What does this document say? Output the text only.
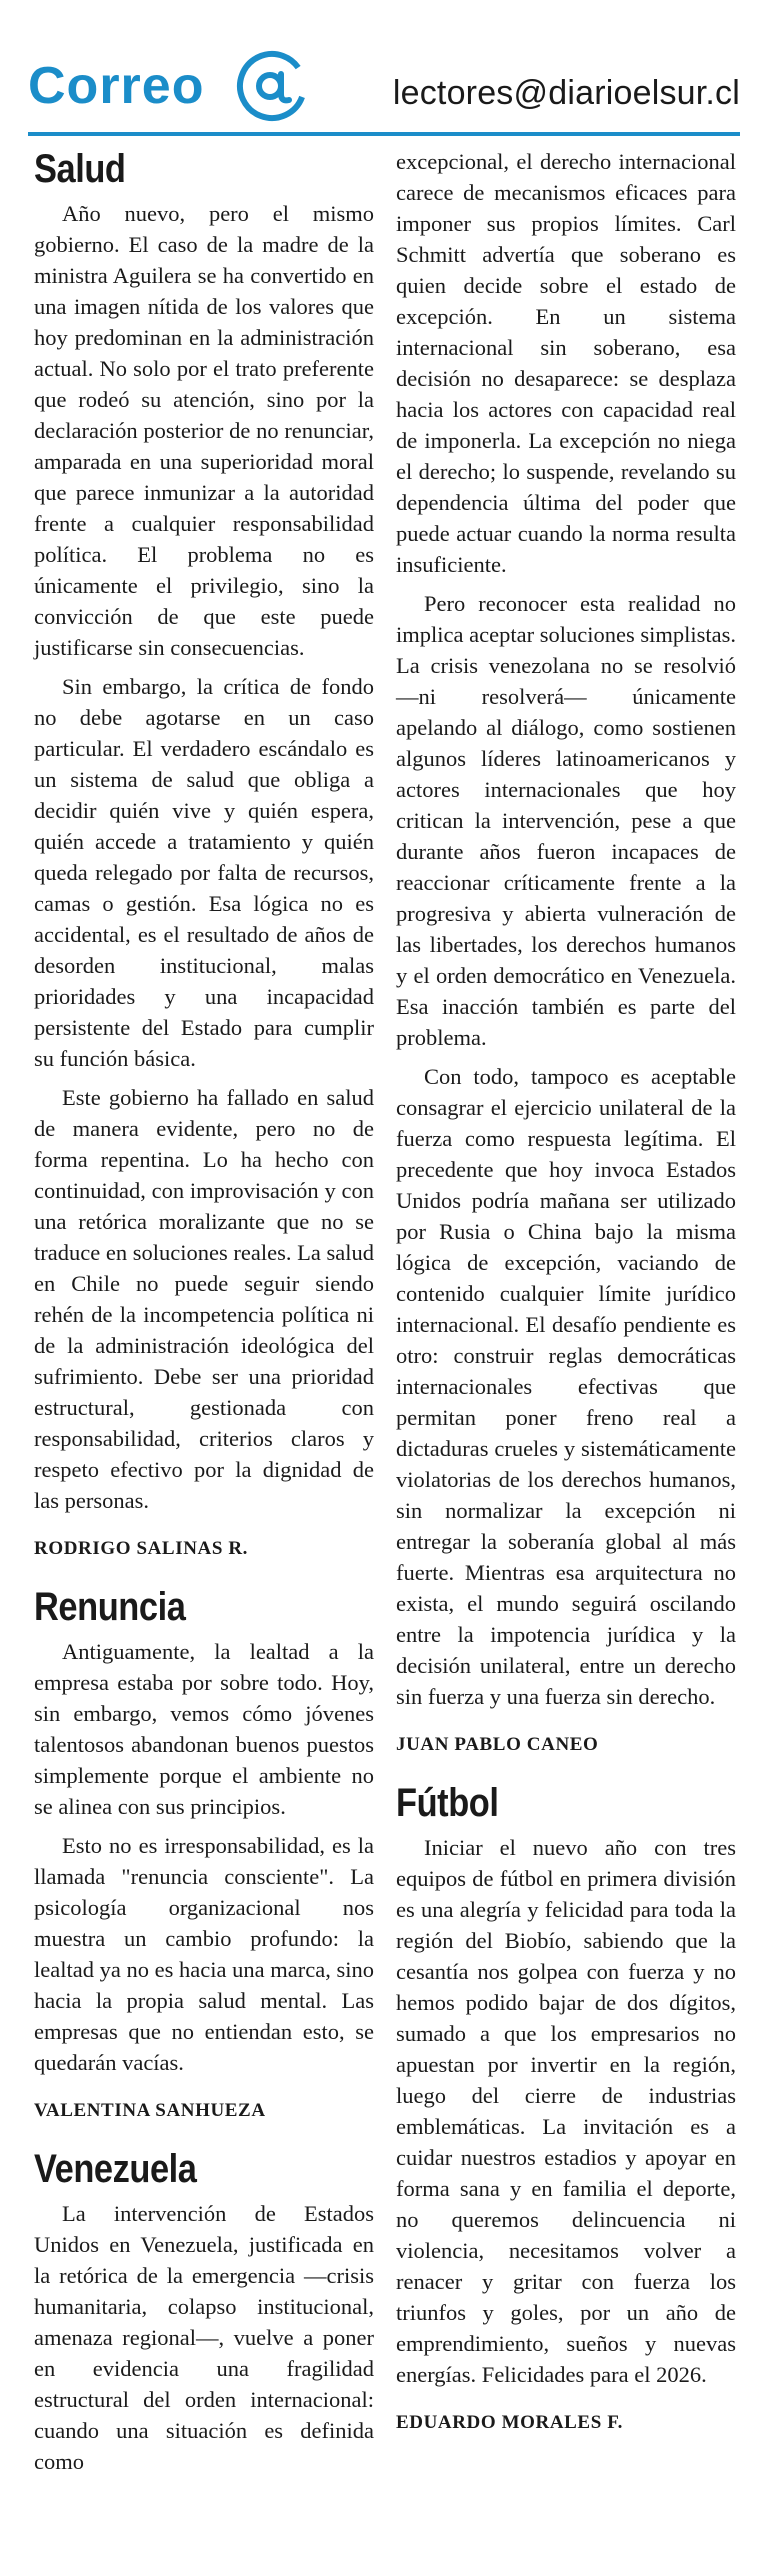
Correo	lectores@diarioelsur.cl
Salud

Año nuevo, pero el mismo gobierno. El caso de la madre de la ministra Aguilera se ha convertido en una imagen nítida de los valores que hoy predominan en la administración actual. No solo por el trato preferente que rodeó su atención, sino por la declaración posterior de no renunciar, amparada en una superioridad moral que parece inmunizar a la autoridad frente a cualquier responsabilidad política. El problema no es únicamente el privilegio, sino la convicción de que este puede justificarse sin consecuencias.

Sin embargo, la crítica de fondo no debe agotarse en un caso particular. El verdadero escándalo es un sistema de salud que obliga a decidir quién vive y quién espera, quién accede a tratamiento y quién queda relegado por falta de recursos, camas o gestión. Esa lógica no es accidental, es el resultado de años de desorden institucional, malas prioridades y una incapacidad persistente del Estado para cumplir su función básica.

Este gobierno ha fallado en salud de manera evidente, pero no de forma repentina. Lo ha hecho con continuidad, con improvisación y con una retórica moralizante que no se traduce en soluciones reales. La salud en Chile no puede seguir siendo rehén de la incompetencia política ni de la administración ideológica del sufrimiento. Debe ser una prioridad estructural, gestionada con responsabilidad, criterios claros y respeto efectivo por la dignidad de las personas.

RODRIGO SALINAS R.
Renuncia

Antiguamente, la lealtad a la empresa estaba por sobre todo. Hoy, sin embargo, vemos cómo jóvenes talentosos abandonan buenos puestos simplemente porque el ambiente no se alinea con sus principios.

Esto no es irresponsabilidad, es la llamada "renuncia consciente". La psicología organizacional nos muestra un cambio profundo: la lealtad ya no es hacia una marca, sino hacia la propia salud mental. Las empresas que no entiendan esto, se quedarán vacías.

VALENTINA SANHUEZA
Venezuela

La intervención de Estados Unidos en Venezuela, justificada en la retórica de la emergencia —crisis humanitaria, colapso institucional, amenaza regional—, vuelve a poner en evidencia una fragilidad estructural del orden internacional: cuando una situación es definida como

excepcional, el derecho internacional carece de mecanismos eficaces para imponer sus propios límites. Carl Schmitt advertía que soberano es quien decide sobre el estado de excepción. En un sistema internacional sin soberano, esa decisión no desaparece: se desplaza hacia los actores con capacidad real de imponerla. La excepción no niega el derecho; lo suspende, revelando su dependencia última del poder que puede actuar cuando la norma resulta insuficiente.

Pero reconocer esta realidad no implica aceptar soluciones simplistas. La crisis venezolana no se resolvió —ni resolverá— únicamente apelando al diálogo, como sostienen algunos líderes latinoamericanos y actores internacionales que hoy critican la intervención, pese a que durante años fueron incapaces de reaccionar críticamente frente a la progresiva y abierta vulneración de las libertades, los derechos humanos y el orden democrático en Venezuela. Esa inacción también es parte del problema.

Con todo, tampoco es aceptable consagrar el ejercicio unilateral de la fuerza como respuesta legítima. El precedente que hoy invoca Estados Unidos podría mañana ser utilizado por Rusia o China bajo la misma lógica de excepción, vaciando de contenido cualquier límite jurídico internacional. El desafío pendiente es otro: construir reglas democráticas internacionales efectivas que permitan poner freno real a dictaduras crueles y sistemáticamente violatorias de los derechos humanos, sin normalizar la excepción ni entregar la soberanía global al más fuerte. Mientras esa arquitectura no exista, el mundo seguirá oscilando entre la impotencia jurídica y la decisión unilateral, entre un derecho sin fuerza y una fuerza sin derecho.

JUAN PABLO CANEO
Fútbol

Iniciar el nuevo año con tres equipos de fútbol en primera división es una alegría y felicidad para toda la región del Biobío, sabiendo que la cesantía nos golpea con fuerza y no hemos podido bajar de dos dígitos, sumado a que los empresarios no apuestan por invertir en la región, luego del cierre de industrias emblemáticas. La invitación es a cuidar nuestros estadios y apoyar en forma sana y en familia el deporte, no queremos delincuencia ni violencia, necesitamos volver a renacer y gritar con fuerza los triunfos y goles, por un año de emprendimiento, sueños y nuevas energías. Felicidades para el 2026.

EDUARDO MORALES F.
